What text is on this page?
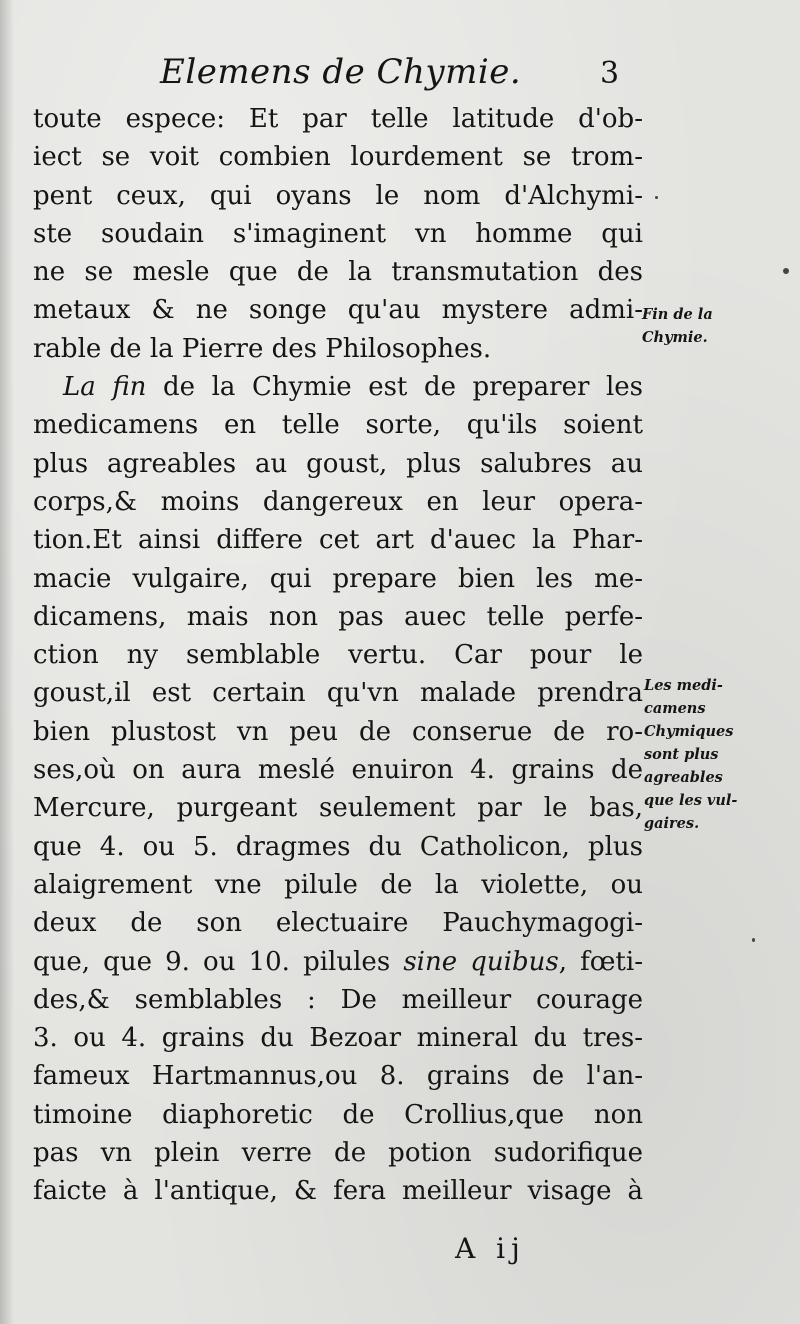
Elemens de Chymie.	3
toute espece: Et par telle latitude d'ob-
iect se voit combien lourdement se trom-
pent ceux, qui oyans le nom d'Alchymi-
ste soudain s'imaginent vn homme qui
ne se mesle que de la transmutation des
metaux & ne songe qu'au mystere admi-
rable de la Pierre des Philosophes.
La fin de la Chymie est de preparer les
medicamens en telle sorte, qu'ils soient
plus agreables au goust, plus salubres au
corps,& moins dangereux en leur opera-
tion.Et ainsi differe cet art d'auec la Phar-
macie vulgaire, qui prepare bien les me-
dicamens, mais non pas auec telle perfe-
ction ny semblable vertu. Car pour le
goust,il est certain qu'vn malade prendra
bien plustost vn peu de conserue de ro-
ses,où on aura meslé enuiron 4. grains de
Mercure, purgeant seulement par le bas,
que 4. ou 5. dragmes du Catholicon, plus
alaigrement vne pilule de la violette, ou
deux de son electuaire Pauchymagogi-
que, que 9. ou 10. pilules sine quibus, fœti-
des,& semblables : De meilleur courage
3. ou 4. grains du Bezoar mineral du tres-
fameux Hartmannus,ou 8. grains de l'an-
timoine diaphoretic de Crollius,que non
pas vn plein verre de potion sudorifique
faicte à l'antique, & fera meilleur visage à
Fin de la
Chymie.
Les medi-
camens
Chymiques
sont plus
agreables
que les vul-
gaires.
A ij
